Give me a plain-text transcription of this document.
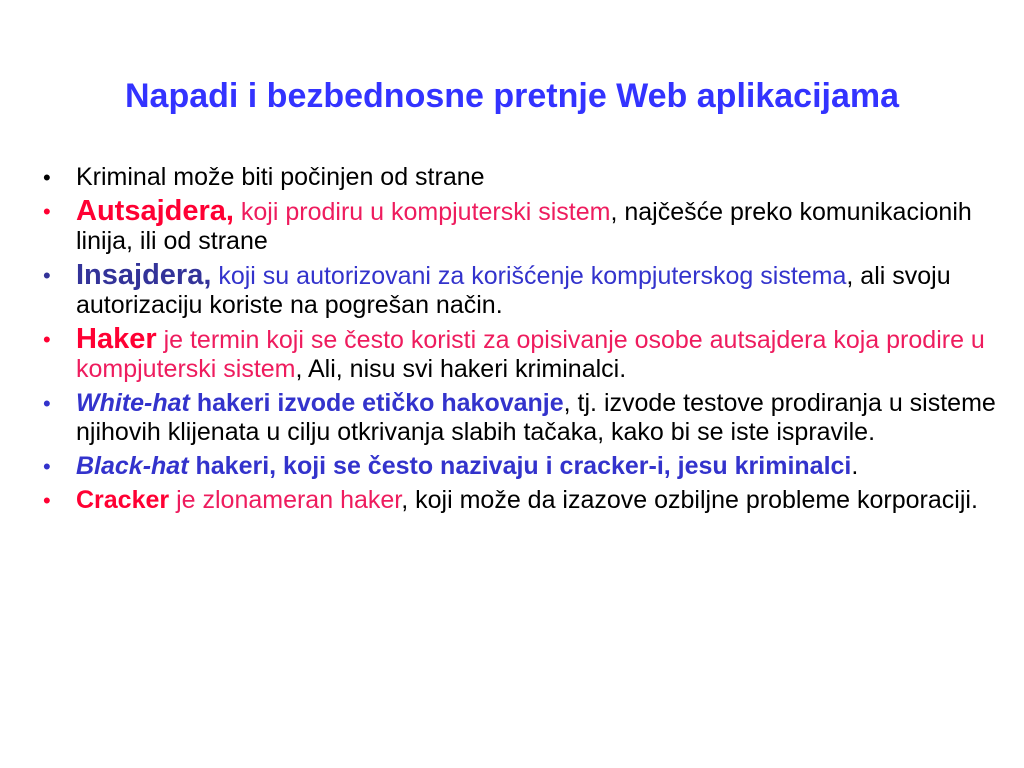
Napadi i bezbednosne pretnje Web aplikacijama
•	Kriminal može biti počinjen od strane
• Autsajdera, koji prodiru u kompjuterski sistem, najčešće preko komunikacionih linija, ili od strane
• Insajdera, koji su autorizovani za korišćenje kompjuterskog sistema, ali svoju autorizaciju koriste na pogrešan način.
• Haker je termin koji se često koristi za opisivanje osobe autsajdera koja prodire u kompjuterski sistem, Ali, nisu svi hakeri kriminalci.
•	White-hat hakeri izvode etičko hakovanje, tj. izvode testove prodiranja u sisteme njihovih klijenata u cilju otkrivanja slabih tačaka, kako bi se iste ispravile.
•	Black-hat hakeri, koji se često nazivaju i cracker-i, jesu kriminalci.
•	Cracker je zlonameran haker, koji može da izazove ozbiljne probleme korporaciji.
